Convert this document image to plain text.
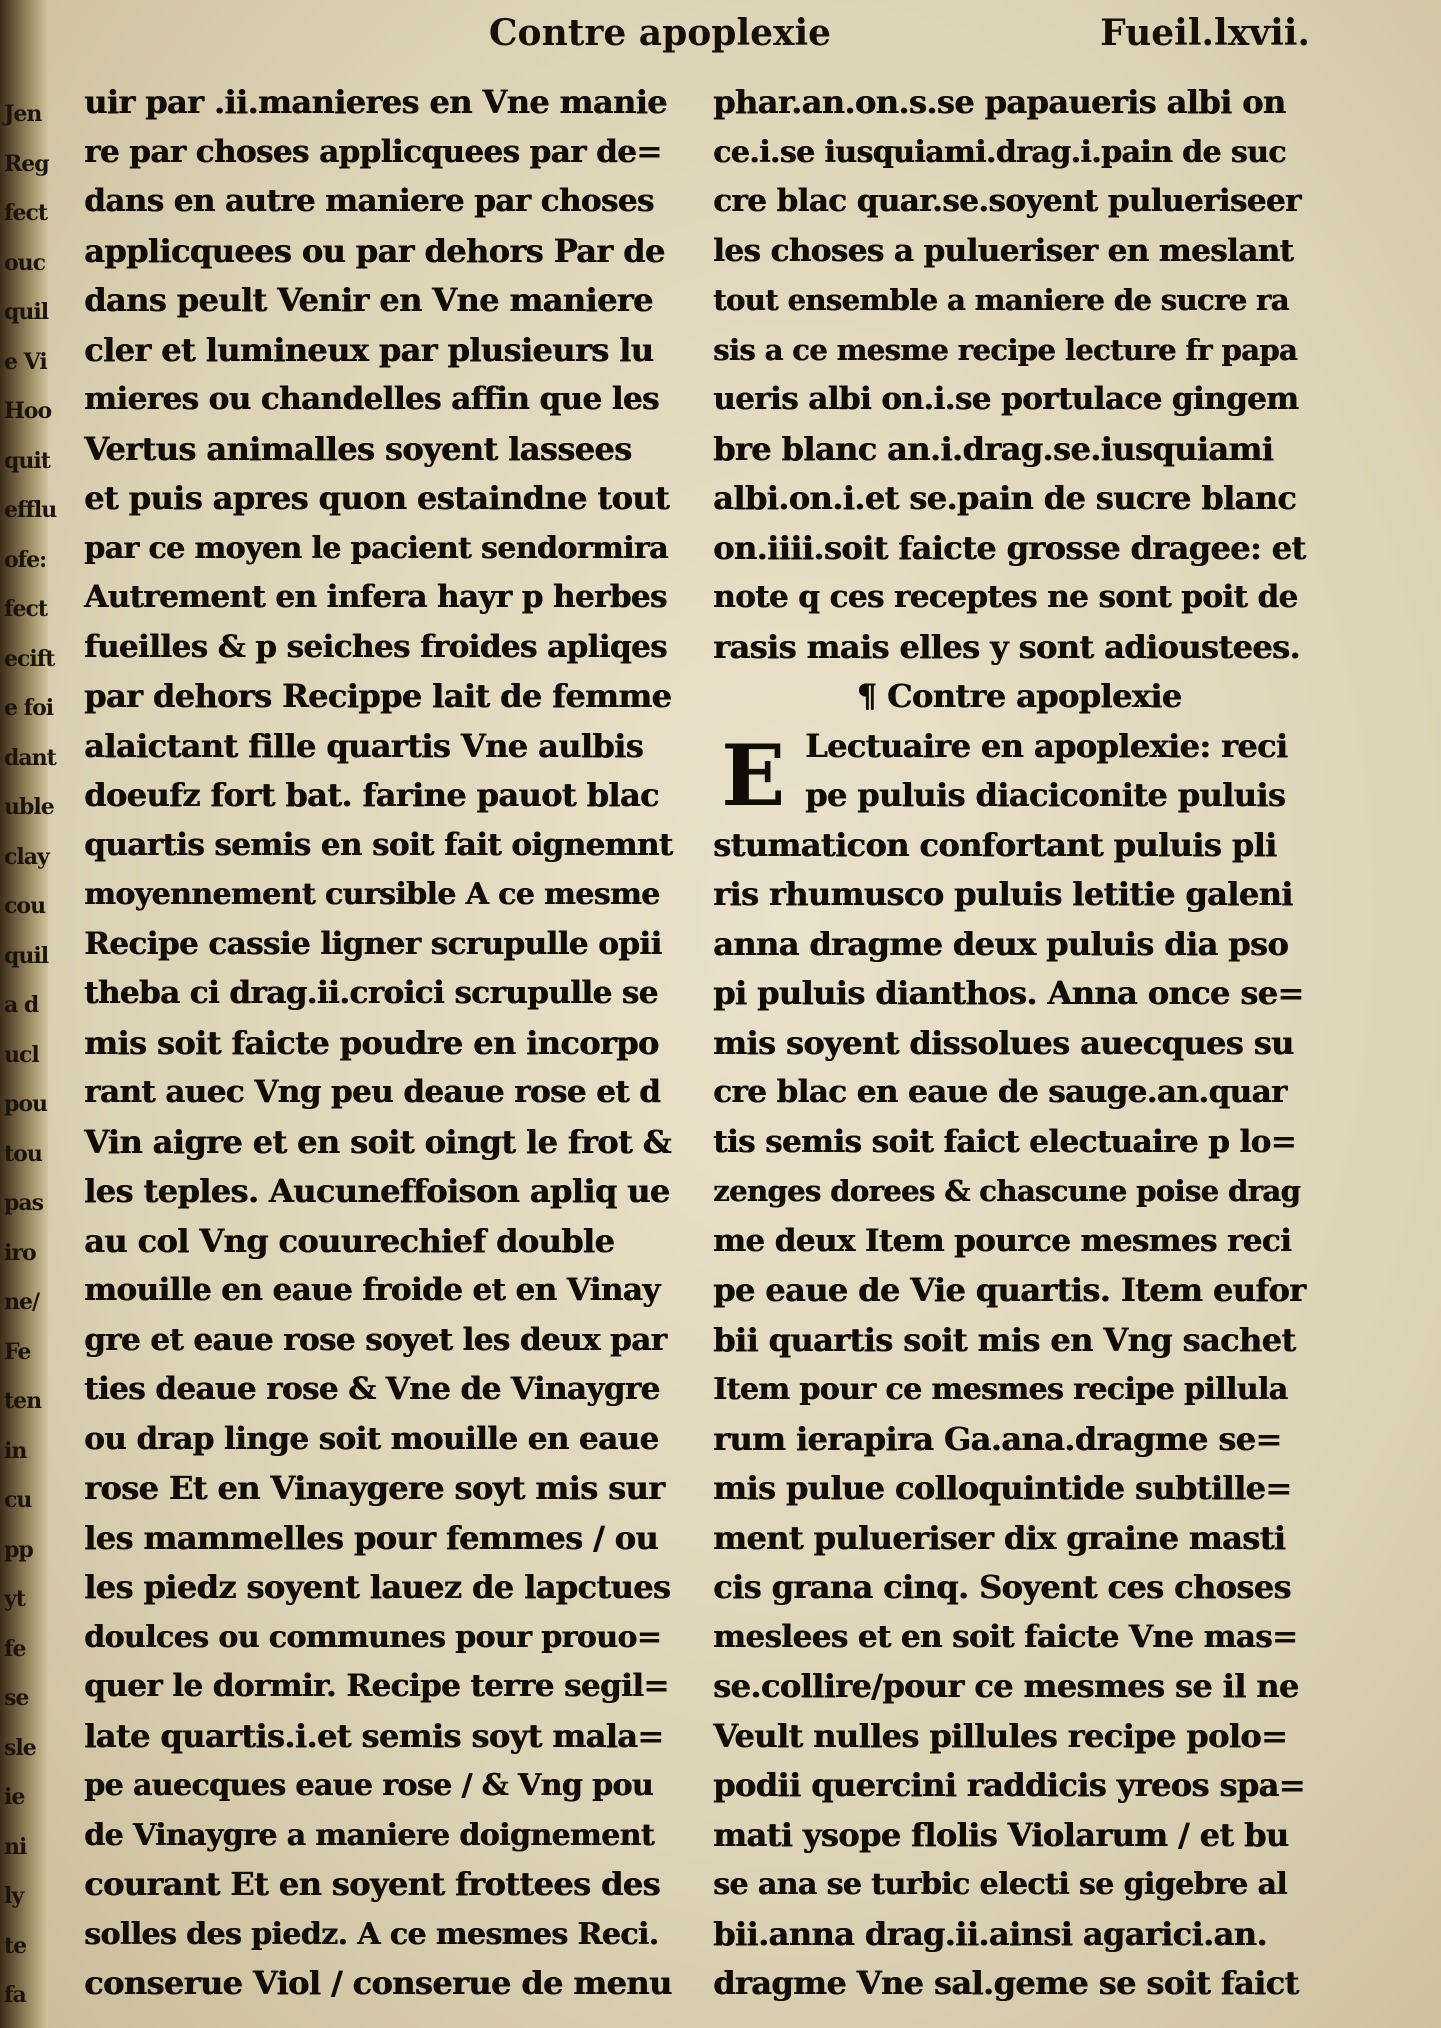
Jen
Reg
fect
ouc
quil
e Vi
Hoo
quit
efflu
ofe:
fect
ecift
e foi
dant
uble
clay
cou
quil
a d
ucl
pou
tou
pas
iro
ne/
Fe
ten
in
cu
pp
yt
fe
se
sle
ie
ni
ly
te
fa
Contre apoplexie	Fueil.lxvii.
uir par .ii.manieres en Vne manie
re par choses applicquees par de=
dans en autre maniere par choses
applicquees ou par dehors Par de
dans peult Venir en Vne maniere
cler et lumineux par plusieurs lu
mieres ou chandelles affin que les
Vertus animalles soyent lassees
et puis apres quon estaindne tout
par ce moyen le pacient sendormira
Autrement en infera hayr p herbes
fueilles & p seiches froides apliqes
par dehors Recippe lait de femme
alaictant fille quartis Vne aulbis
doeufz fort bat. farine pauot blac
quartis semis en soit fait oignemnt
moyennement cursible A ce mesme
Recipe cassie ligner scrupulle opii
theba ci drag.ii.croici scrupulle se
mis soit faicte poudre en incorpo
rant auec Vng peu deaue rose et d
Vin aigre et en soit oingt le frot &
les teples. Aucuneffoison apliq ue
au col Vng couurechief double
mouille en eaue froide et en Vinay
gre et eaue rose soyet les deux par
ties deaue rose & Vne de Vinaygre
ou drap linge soit mouille en eaue
rose Et en Vinaygere soyt mis sur
les mammelles pour femmes / ou
les piedz soyent lauez de lapctues
doulces ou communes pour prouo=
quer le dormir. Recipe terre segil=
late quartis.i.et semis soyt mala=
pe auecques eaue rose / & Vng pou
de Vinaygre a maniere doignement
courant Et en soyent frottees des
solles des piedz. A ce mesmes Reci.
conserue Viol / conserue de menu
E
phar.an.on.s.se papaueris albi on
ce.i.se iusquiami.drag.i.pain de suc
cre blac quar.se.soyent pulueriseer
les choses a pulueriser en meslant
tout ensemble a maniere de sucre ra
sis a ce mesme recipe lecture fr papa
ueris albi on.i.se portulace gingem
bre blanc an.i.drag.se.iusquiami
albi.on.i.et se.pain de sucre blanc
on.iiii.soit faicte grosse dragee: et
note q ces receptes ne sont poit de
rasis mais elles y sont adioustees.
¶ Contre apoplexie
Lectuaire en apoplexie: reci
pe puluis diaciconite puluis
stumaticon confortant puluis pli
ris rhumusco puluis letitie galeni
anna dragme deux puluis dia pso
pi puluis dianthos. Anna once se=
mis soyent dissolues auecques su
cre blac en eaue de sauge.an.quar
tis semis soit faict electuaire p lo=
zenges dorees & chascune poise drag
me deux Item pource mesmes reci
pe eaue de Vie quartis. Item eufor
bii quartis soit mis en Vng sachet
Item pour ce mesmes recipe pillula
rum ierapira Ga.ana.dragme se=
mis pulue colloquintide subtille=
ment pulueriser dix graine masti
cis grana cinq. Soyent ces choses
meslees et en soit faicte Vne mas=
se.collire/pour ce mesmes se il ne
Veult nulles pillules recipe polo=
podii quercini raddicis yreos spa=
mati ysope flolis Violarum / et bu
se ana se turbic electi se gigebre al
bii.anna drag.ii.ainsi agarici.an.
dragme Vne sal.geme se soit faict
